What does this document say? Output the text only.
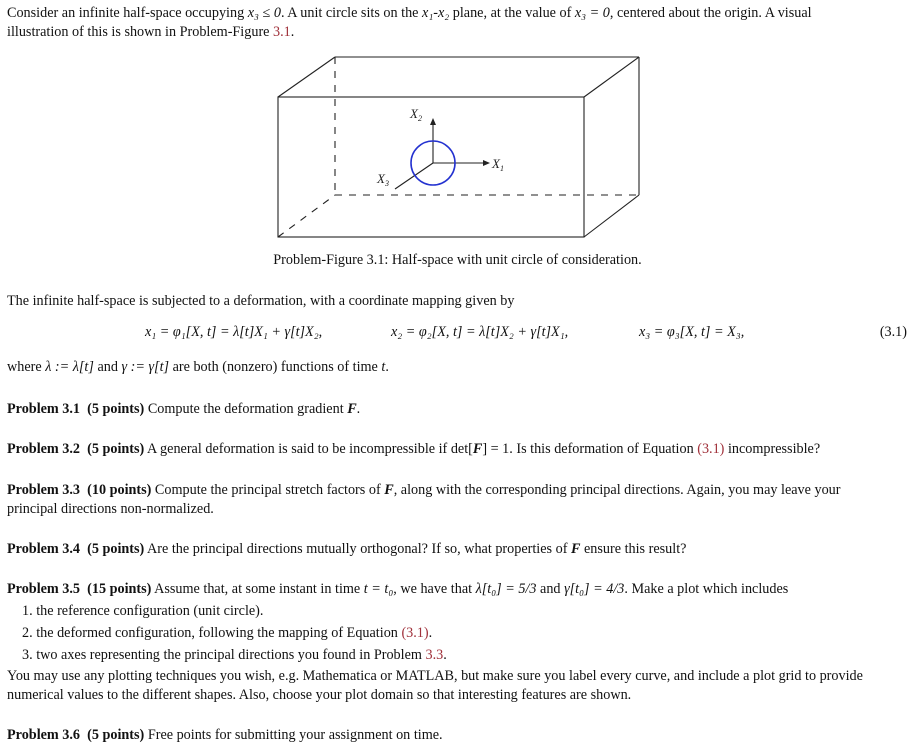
Consider an infinite half-space occupying x₃ ≤ 0. A unit circle sits on the x₁-x₂ plane, at the value of x₃ = 0, centered about the origin. A visual
illustration of this is shown in Problem-Figure 3.1.
$X_2$
$X_1$
$X_3$
Problem-Figure 3.1: Half-space with unit circle of consideration.
The infinite half-space is subjected to a deformation, with a coordinate mapping given by
x₁ = φ₁[X, t] = λ[t]X₁ + γ[t]X₂,	x₂ = φ₂[X, t] = λ[t]X₂ + γ[t]X₁,	x₃ = φ₃[X, t] = X₃,	(3.1)
where λ := λ[t] and γ := γ[t] are both (nonzero) functions of time t.
Problem 3.1 (5 points) Compute the deformation gradient F.
Problem 3.2 (5 points) A general deformation is said to be incompressible if det[F] = 1. Is this deformation of Equation (3.1) incompressible?
Problem 3.3 (10 points) Compute the principal stretch factors of F, along with the corresponding principal directions. Again, you may leave your
principal directions non-normalized.
Problem 3.4 (5 points) Are the principal directions mutually orthogonal? If so, what properties of F ensure this result?
Problem 3.5 (15 points) Assume that, at some instant in time t = t₀, we have that λ[t₀] = 5/3 and γ[t₀] = 4/3. Make a plot which includes
1. the reference configuration (unit circle).
2. the deformed configuration, following the mapping of Equation (3.1).
3. two axes representing the principal directions you found in Problem 3.3.
You may use any plotting techniques you wish, e.g. Mathematica or MATLAB, but make sure you label every curve, and include a plot grid to provide
numerical values to the different shapes. Also, choose your plot domain so that interesting features are shown.
Problem 3.6 (5 points) Free points for submitting your assignment on time.
